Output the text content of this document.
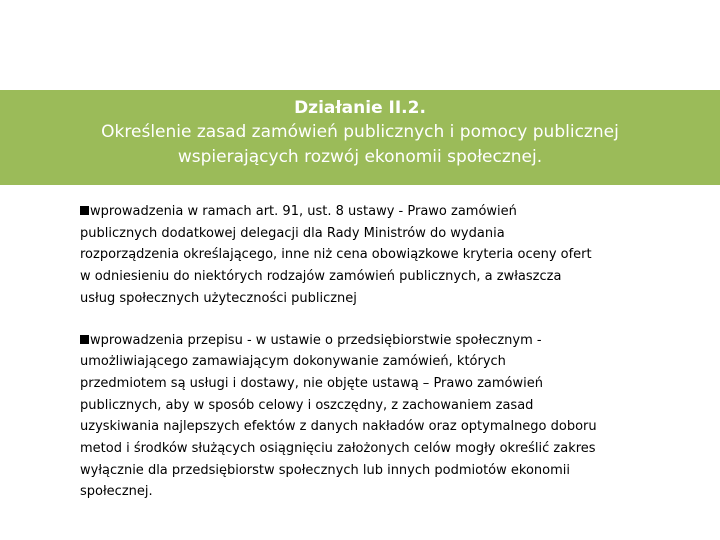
Działanie II.2.
Określenie zasad zamówień publicznych i pomocy publicznej
wspierających rozwój ekonomii społecznej.
wprowadzenia w ramach art. 91, ust. 8 ustawy - Prawo zamówień
publicznych dodatkowej delegacji dla Rady Ministrów do wydania
rozporządzenia określającego, inne niż cena obowiązkowe kryteria oceny ofert
w odniesieniu do niektórych rodzajów zamówień publicznych, a zwłaszcza
usług społecznych użyteczności publicznej
wprowadzenia przepisu - w ustawie o przedsiębiorstwie społecznym -
umożliwiającego zamawiającym dokonywanie zamówień, których
przedmiotem są usługi i dostawy, nie objęte ustawą – Prawo zamówień
publicznych, aby w sposób celowy i oszczędny, z zachowaniem zasad
uzyskiwania najlepszych efektów z danych nakładów oraz optymalnego doboru
metod i środków służących osiągnięciu założonych celów mogły określić zakres
wyłącznie dla przedsiębiorstw społecznych lub innych podmiotów ekonomii
społecznej.
